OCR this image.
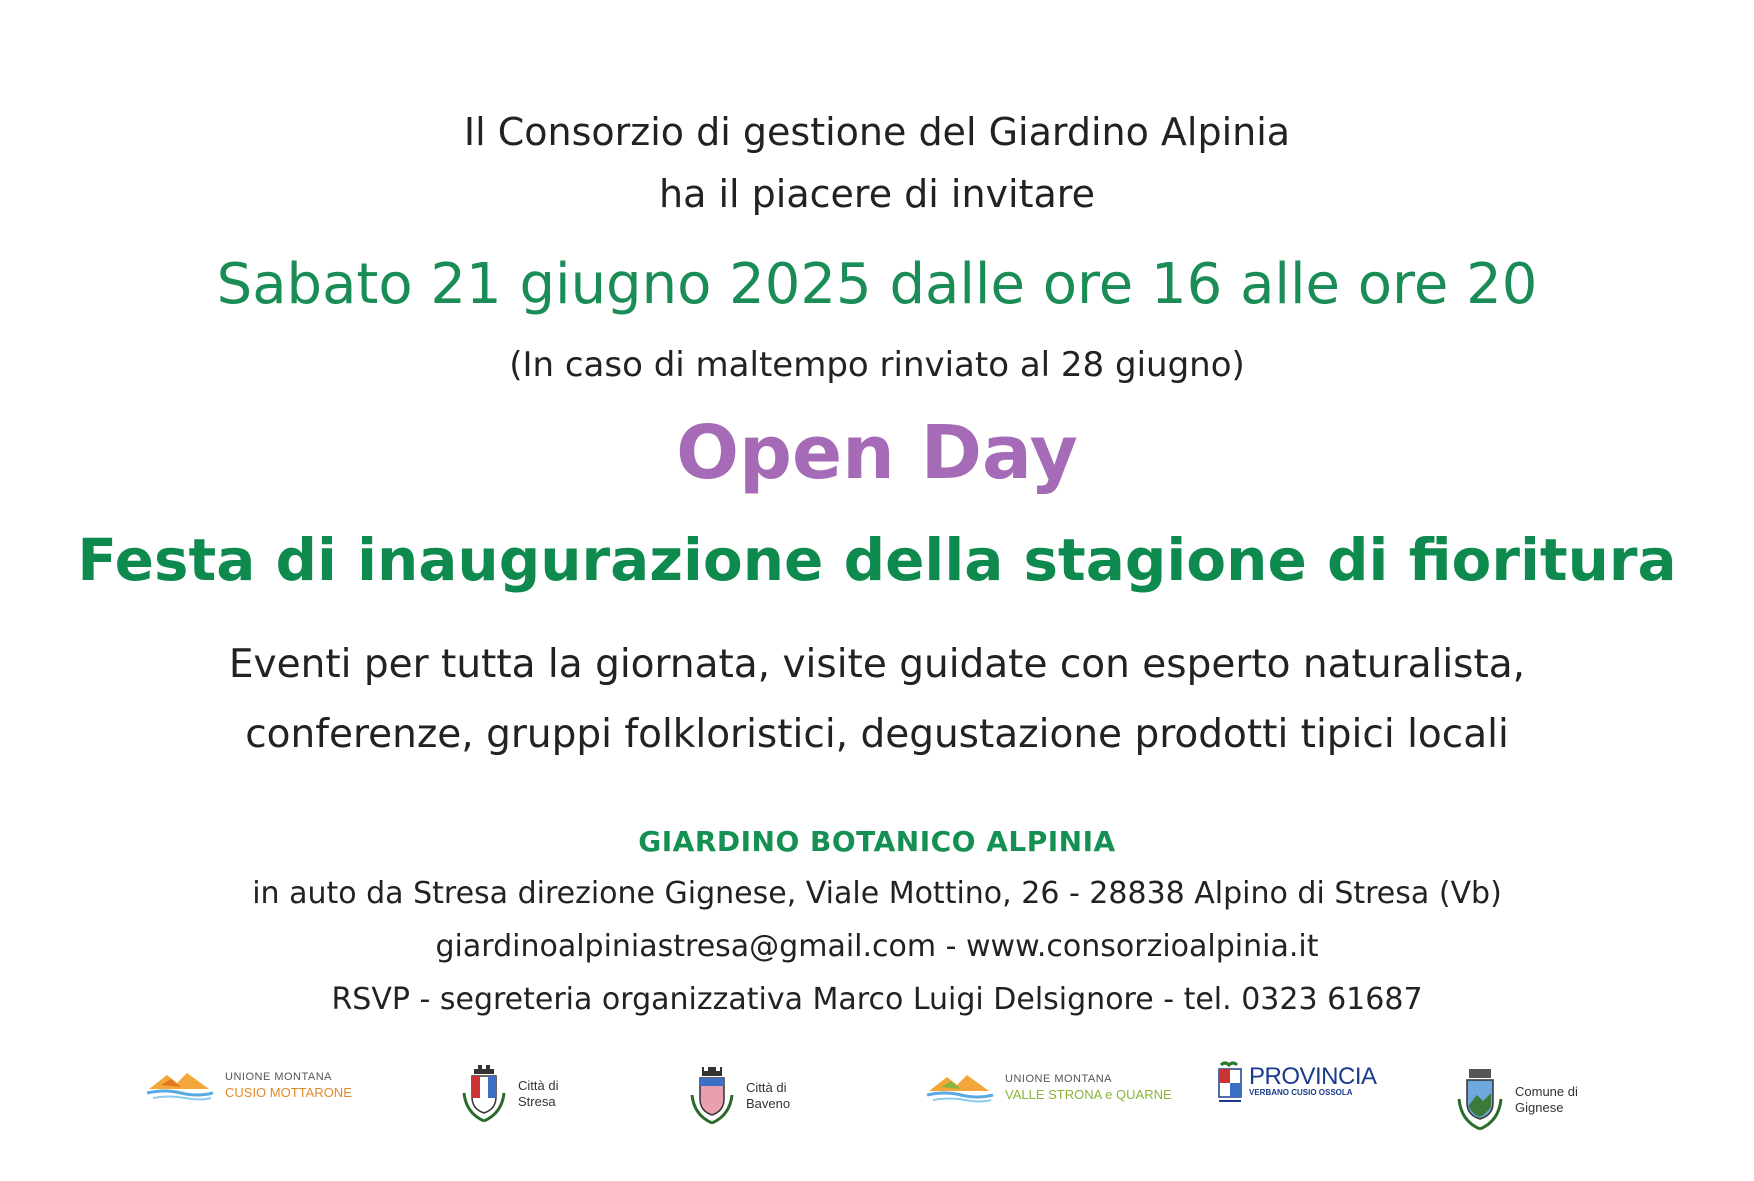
Il Consorzio di gestione del Giardino Alpinia
ha il piacere di invitare
Sabato 21 giugno 2025 dalle ore 16 alle ore 20
(In caso di maltempo rinviato al 28 giugno)
Open Day
Festa di inaugurazione della stagione di fioritura
Eventi per tutta la giornata, visite guidate con esperto naturalista,
conferenze, gruppi folkloristici, degustazione prodotti tipici locali
GIARDINO BOTANICO ALPINIA
in auto da Stresa direzione Gignese, Viale Mottino, 26 - 28838 Alpino di Stresa (Vb)
giardinoalpiniastresa@gmail.com - www.consorzioalpinia.it
RSVP - segreteria organizzativa Marco Luigi Delsignore - tel. 0323 61687
UNIONE MONTANA
CUSIO MOTTARONE	Città di
Stresa
Città di
Baveno
UNIONE MONTANA
VALLE STRONA e QUARNE
PROVINCIA
VERBANO CUSIO OSSOLA	Comune di
Gignese
